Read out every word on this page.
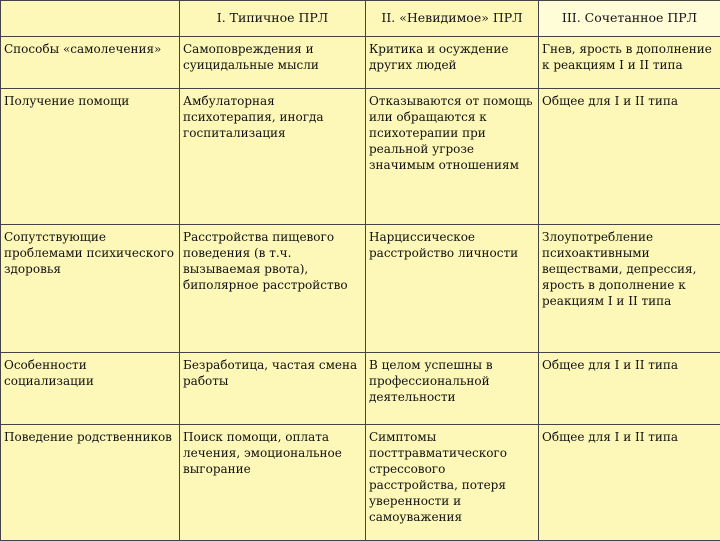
	I. Типичное ПРЛ	II. «Невидимое» ПРЛ	III. Сочетанное ПРЛ
Способы «самолечения»	Самоповреждения и суицидальные мысли	Критика и осуждение других людей	Гнев, ярость в дополнение к реакциям I и II типа
Получение помощи	Амбулаторная психотерапия, иногда госпитализация	Отказываются от помощь или обращаются к психотерапии при реальной угрозе значимым отношениям	Общее для I и II типа
Сопутствующие проблемами психического здоровья	Расстройства пищевого поведения (в т.ч. вызываемая рвота), биполярное расстройство	Нарциссическое расстройство личности	Злоупотребление психоактивными веществами, депрессия, ярость в дополнение к реакциям I и II типа
Особенности социализации	Безработица, частая смена работы	В целом успешны в профессиональной деятельности	Общее для I и II типа
Поведение родственников	Поиск помощи, оплата лечения, эмоциональное выгорание	Симптомы посттравматического стрессового расстройства, потеря уверенности и самоуважения	Общее для I и II типа
